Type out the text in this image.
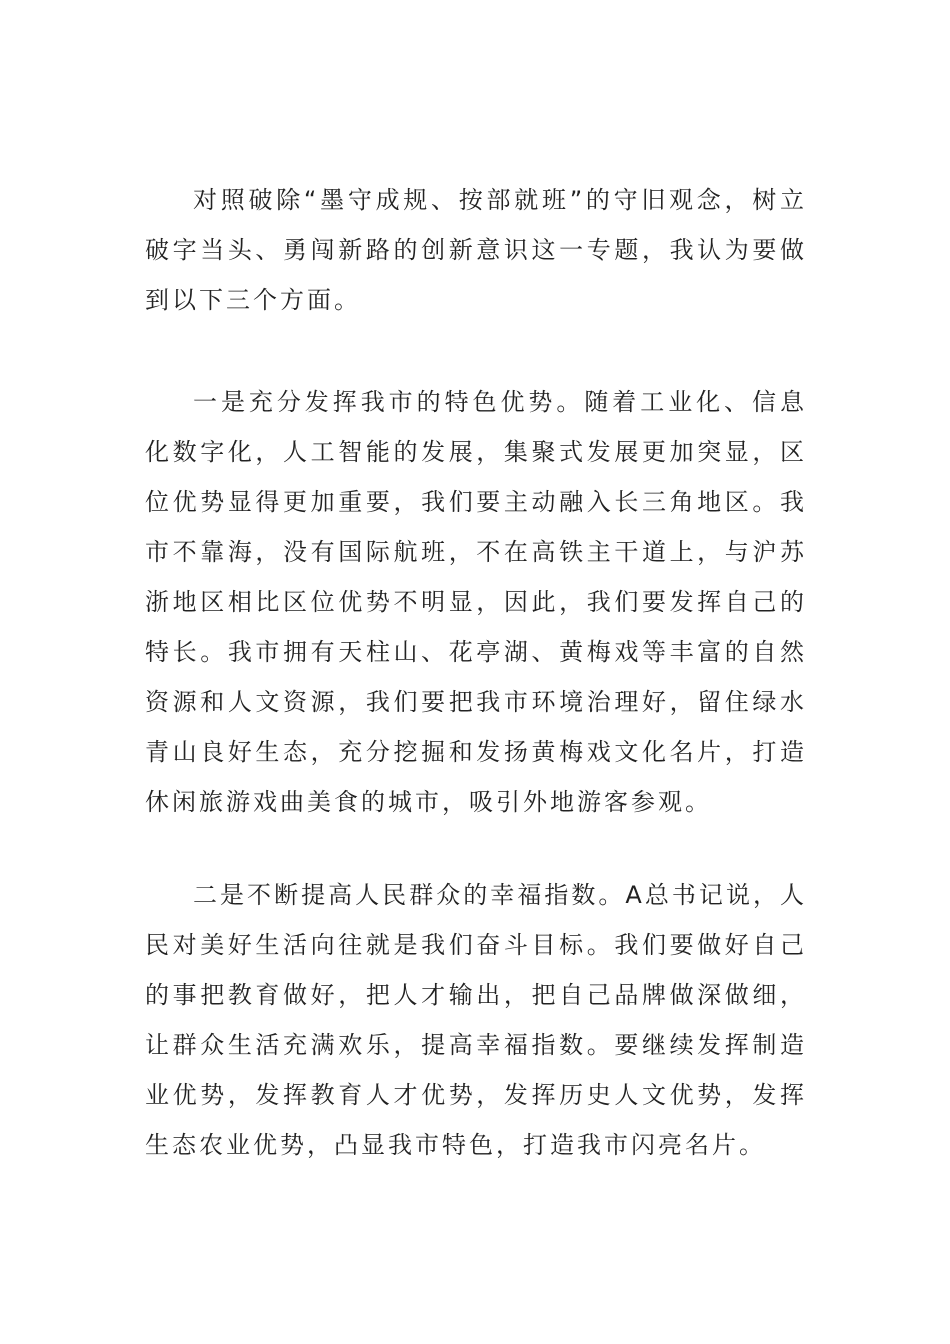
对照破除“墨守成规、按部就班”的守旧观念，树立破字当头、勇闯新路的创新意识这一专题，我认为要做到以下三个方面。

一是充分发挥我市的特色优势。随着工业化、信息化数字化，人工智能的发展，集聚式发展更加突显，区位优势显得更加重要，我们要主动融入长三角地区。我市不靠海，没有国际航班，不在高铁主干道上，与沪苏浙地区相比区位优势不明显，因此，我们要发挥自己的特长。我市拥有天柱山、花亭湖、黄梅戏等丰富的自然资源和人文资源，我们要把我市环境治理好，留住绿水青山良好生态，充分挖掘和发扬黄梅戏文化名片，打造休闲旅游戏曲美食的城市，吸引外地游客参观。

二是不断提高人民群众的幸福指数。A总书记说，人民对美好生活向往就是我们奋斗目标。我们要做好自己的事把教育做好，把人才输出，把自己品牌做深做细，让群众生活充满欢乐，提高幸福指数。要继续发挥制造业优势，发挥教育人才优势，发挥历史人文优势，发挥生态农业优势，凸显我市特色，打造我市闪亮名片。
